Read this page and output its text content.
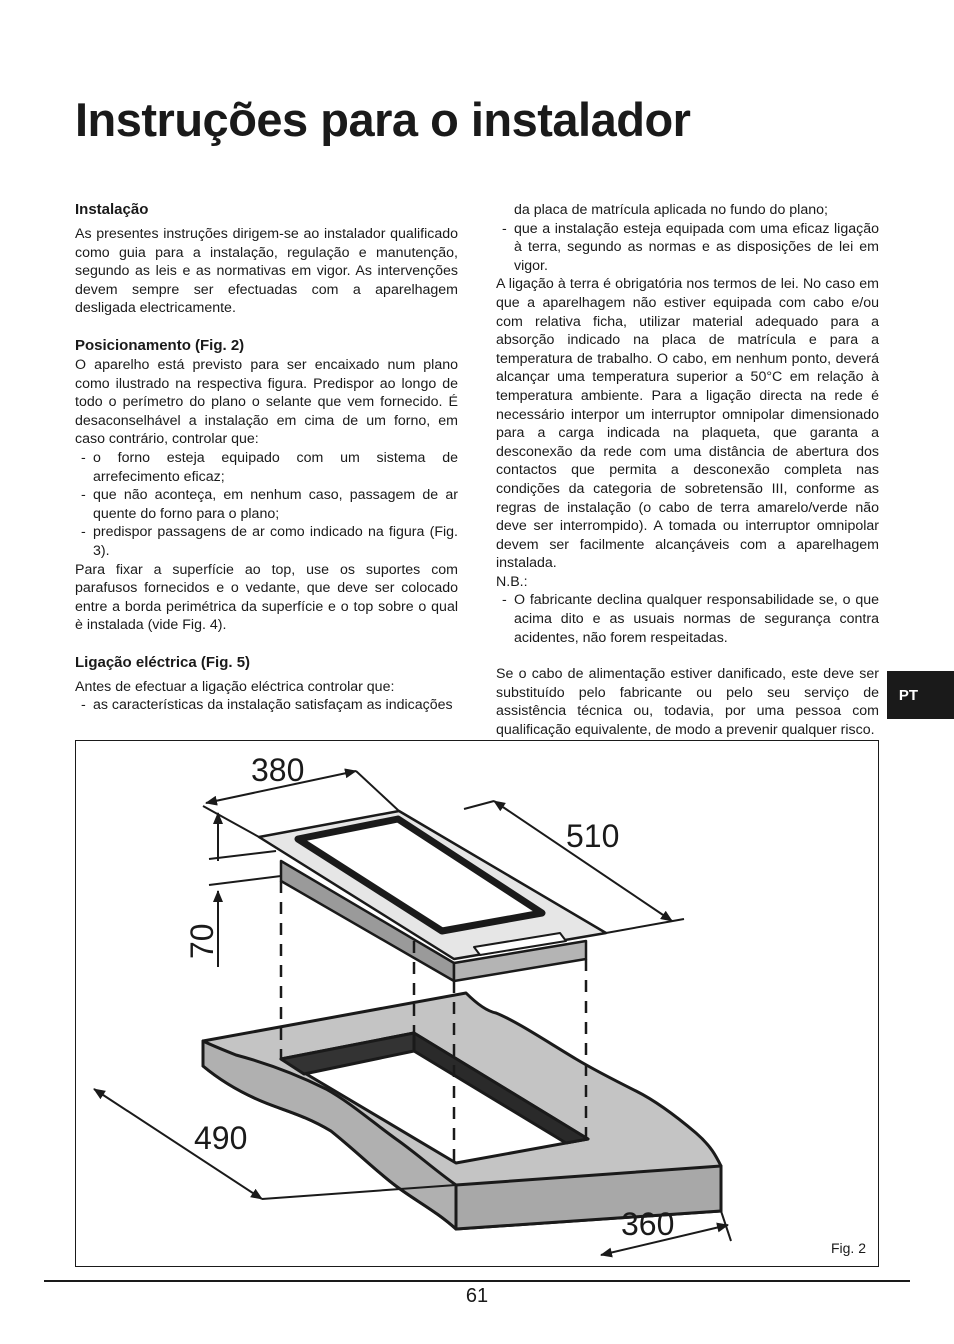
Instruções para o instalador
Instalação

As presentes instruções dirigem-se ao instalador qualificado como guia para a instalação, regulação e manutenção, segundo as leis e as normativas em vigor. As intervenções devem sempre ser efectuadas com a aparelhagem desligada electricamente.

Posicionamento (Fig. 2)

O aparelho está previsto para ser encaixado num plano como ilustrado na respectiva figura. Predispor ao longo de todo o perímetro do plano o selante que vem fornecido. É desaconselhável a instalação em cima de um forno, em caso contrário, controlar que:

- o forno esteja equipado com um sistema de arrefecimento eficaz;
- que não aconteça, em nenhum caso, passagem de ar quente do forno para o plano;
- predispor passagens de ar como indicado na figura (Fig. 3).

Para fixar a superfície ao top, use os suportes com parafusos fornecidos e o vedante, que deve ser colocado entre a borda perimétrica da superfície e o top sobre o qual è instalada (vide Fig. 4).

Ligação eléctrica (Fig. 5)

Antes de efectuar a ligação eléctrica controlar que:

- as características da instalação satisfaçam as indicações

da placa de matrícula aplicada no fundo do plano;

- que a instalação esteja equipada com uma eficaz ligação à terra, segundo as normas e as disposições de lei em vigor.

A ligação à terra é obrigatória nos termos de lei. No caso em que a aparelhagem não estiver equipada com cabo e/ou com relativa ficha, utilizar material adequado para a absorção indicado na placa de matrícula e para a temperatura de trabalho. O cabo, em nenhum ponto, deverá alcançar uma temperatura superior a 50°C em relação à temperatura ambiente. Para a ligação directa na rede é necessário interpor um interruptor omnipolar dimensionado para a carga indicada na plaqueta, que garanta a desconexão da rede com uma distância de abertura dos contactos que permita a desconexão completa nas condições da categoria de sobretensão III, conforme as regras de instalação (o cabo de terra amarelo/verde não deve ser interrompido). A tomada ou interruptor omnipolar devem ser facilmente alcançáveis com a aparelhagem instalada.

N.B.:

- O fabricante declina qualquer responsabilidade se, o que acima dito e as usuais normas de segurança contra acidentes, não forem respeitadas.

Se o cabo de alimentação estiver danificado, este deve ser substituído pelo fabricante ou pelo seu serviço de assistência técnica ou, todavia, por uma pessoa com qualificação equivalente, de modo a prevenir qualquer risco.

PT
380
510
70
490
360
Fig. 2
61
